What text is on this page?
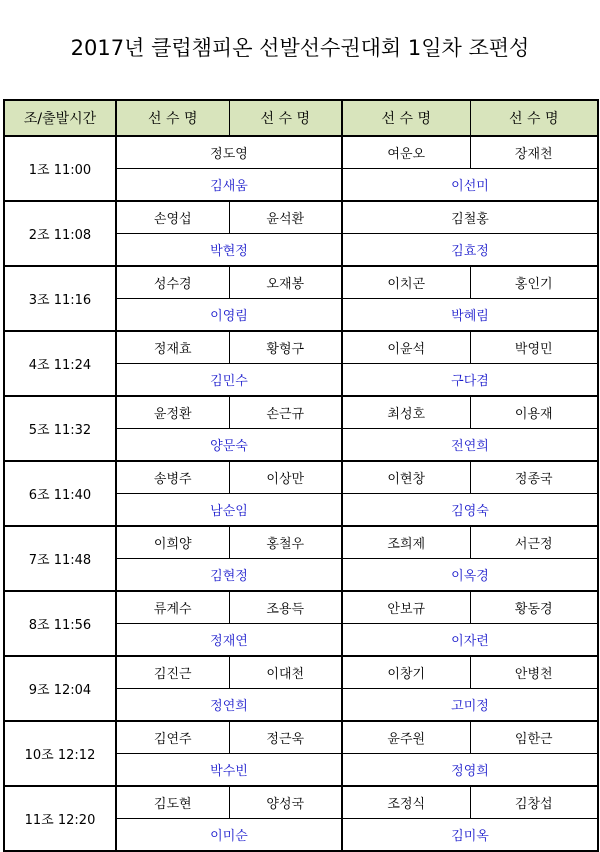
2017년 클럽챔피온 선발선수권대회 1일차 조편성
조/출발시간	선 수 명	선 수 명	선 수 명	선 수 명
1조 11:00	정도영		여운오	장재천
	김새움		이선미	
2조 11:08	손영섭	윤석환	김철홍	
	박현정		김효정	
3조 11:16	성수경	오재봉	이치곤	홍인기
	이영림		박혜림	
4조 11:24	정재효	황형구	이윤석	박영민
	김민수		구다겸	
5조 11:32	윤정환	손근규	최성호	이용재
	양문숙		전연희	
6조 11:40	송병주	이상만	이현창	정종국
	남순임		김영숙	
7조 11:48	이희양	홍철우	조희제	서근정
	김현정		이옥경	
8조 11:56	류계수	조용득	안보규	황동경
	정재연		이자련	
9조 12:04	김진근	이대천	이창기	안병천
	정연희		고미정	
10조 12:12	김연주	정근욱	윤주원	임한근
	박수빈		정영희	
11조 12:20	김도현	양성국	조정식	김창섭
	이미순		김미옥	
